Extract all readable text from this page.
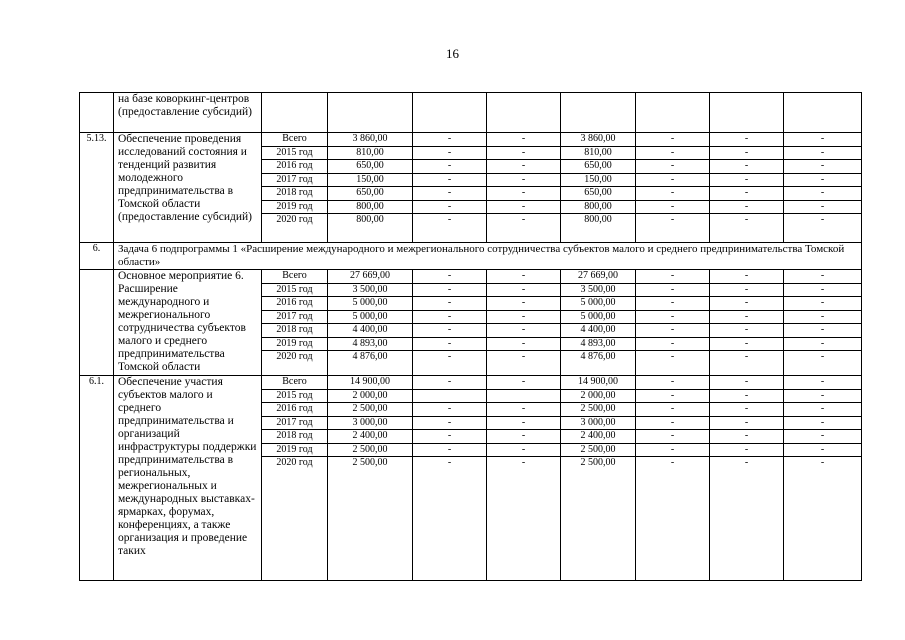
16
	на базе коворкинг-центров (предоставление субсидий)								
5.13.	Обеспечение проведения исследований состояния и тенденций развития молодежного предпринимательства в Томской области (предоставление субсидий)	Всего	3 860,00	-	-	3 860,00	-	-	-
		2015 год	810,00	-	-	810,00	-	-	-
		2016 год	650,00	-	-	650,00	-	-	-
		2017 год	150,00	-	-	150,00	-	-	-
		2018 год	650,00	-	-	650,00	-	-	-
		2019 год	800,00	-	-	800,00	-	-	-
		2020 год	800,00	-	-	800,00	-	-	-
6.	Задача 6 подпрограммы 1 «Расширение международного и межрегионального сотрудничества субъектов малого и среднего предпринимательства Томской области»								
	Основное мероприятие 6. Расширение международного и межрегионального сотрудничества субъектов малого и среднего предпринимательства Томской области	Всего	27 669,00	-	-	27 669,00	-	-	-
		2015 год	3 500,00	-	-	3 500,00	-	-	-
		2016 год	5 000,00	-	-	5 000,00	-	-	-
		2017 год	5 000,00	-	-	5 000,00	-	-	-
		2018 год	4 400,00	-	-	4 400,00	-	-	-
		2019 год	4 893,00	-	-	4 893,00	-	-	-
		2020 год	4 876,00	-	-	4 876,00	-	-	-
6.1.	Обеспечение участия субъектов малого и среднего предпринимательства и организаций инфраструктуры поддержки предпринимательства в региональных, межрегиональных и международных выставках-ярмарках, форумах, конференциях, а также организация и проведение таких	Всего	14 900,00	-	-	14 900,00	-	-	-
		2015 год	2 000,00			2 000,00	-	-	-
		2016 год	2 500,00	-	-	2 500,00	-	-	-
		2017 год	3 000,00	-	-	3 000,00	-	-	-
		2018 год	2 400,00	-	-	2 400,00	-	-	-
		2019 год	2 500,00	-	-	2 500,00	-	-	-
		2020 год	2 500,00	-	-	2 500,00	-	-	-
